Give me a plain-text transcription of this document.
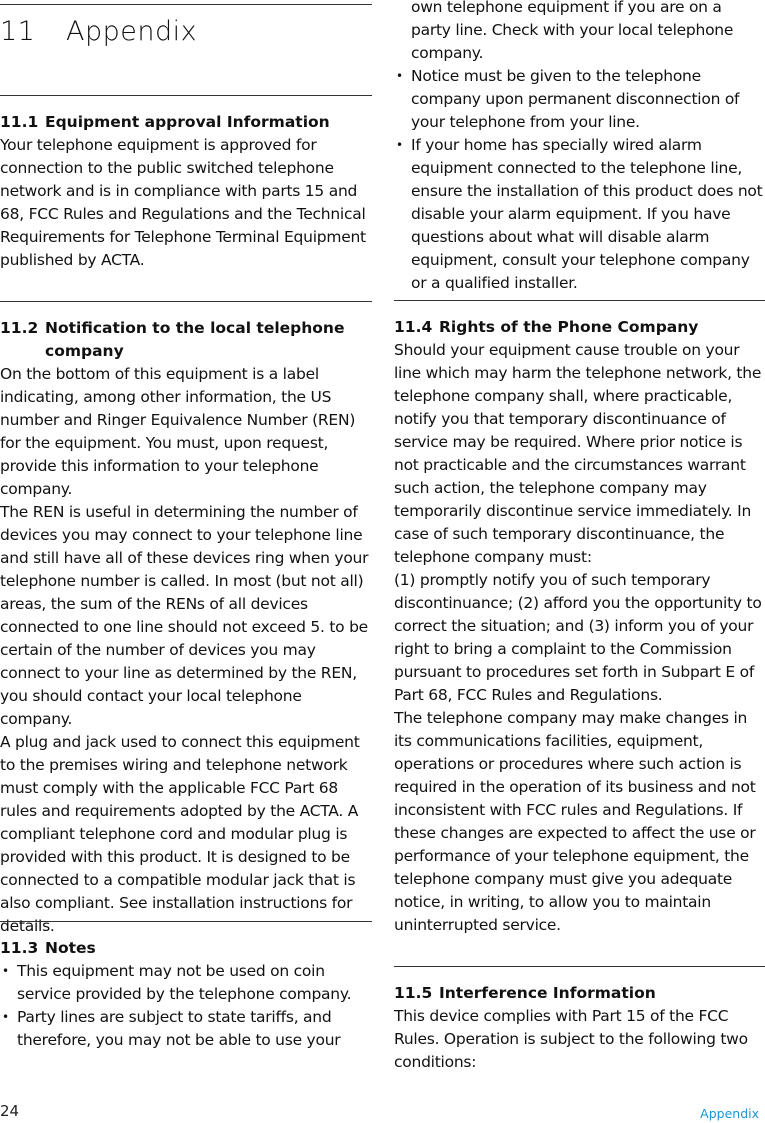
11 Appendix
11.1 Equipment approval Information

Your telephone equipment is approved for connection to the public switched telephone network and is in compliance with parts 15 and 68, FCC Rules and Regulations and the Technical Requirements for Telephone Terminal Equipment published by ACTA.

11.2 Notification to the local telephone company

On the bottom of this equipment is a label indicating, among other information, the US number and Ringer Equivalence Number (REN) for the equipment. You must, upon request, provide this information to your telephone company.

The REN is useful in determining the number of devices you may connect to your telephone line and still have all of these devices ring when your telephone number is called. In most (but not all) areas, the sum of the RENs of all devices connected to one line should not exceed 5. to be certain of the number of devices you may connect to your line as determined by the REN, you should contact your local telephone company.

A plug and jack used to connect this equipment to the premises wiring and telephone network must comply with the applicable FCC Part 68 rules and requirements adopted by the ACTA. A compliant telephone cord and modular plug is provided with this product. It is designed to be connected to a compatible modular jack that is also compliant. See installation instructions for details.

11.3 Notes
• This equipment may not be used on coin service provided by the telephone company.
• Party lines are subject to state tariffs, and therefore, you may not be able to use your

own telephone equipment if you are on a party line. Check with your local telephone company.

• Notice must be given to the telephone company upon permanent disconnection of your telephone from your line.
• If your home has specially wired alarm equipment connected to the telephone line, ensure the installation of this product does not disable your alarm equipment. If you have questions about what will disable alarm equipment, consult your telephone company or a qualified installer.
11.4 Rights of the Phone Company

Should your equipment cause trouble on your line which may harm the telephone network, the telephone company shall, where practicable, notify you that temporary discontinuance of service may be required. Where prior notice is not practicable and the circumstances warrant such action, the telephone company may temporarily discontinue service immediately. In case of such temporary discontinuance, the telephone company must:

(1) promptly notify you of such temporary discontinuance; (2) afford you the opportunity to correct the situation; and (3) inform you of your right to bring a complaint to the Commission pursuant to procedures set forth in Subpart E of Part 68, FCC Rules and Regulations.

The telephone company may make changes in its communications facilities, equipment, operations or procedures where such action is required in the operation of its business and not inconsistent with FCC rules and Regulations. If these changes are expected to affect the use or performance of your telephone equipment, the telephone company must give you adequate notice, in writing, to allow you to maintain uninterrupted service.

11.5 Interference Information

This device complies with Part 15 of the FCC Rules. Operation is subject to the following two conditions:

24	Appendix
